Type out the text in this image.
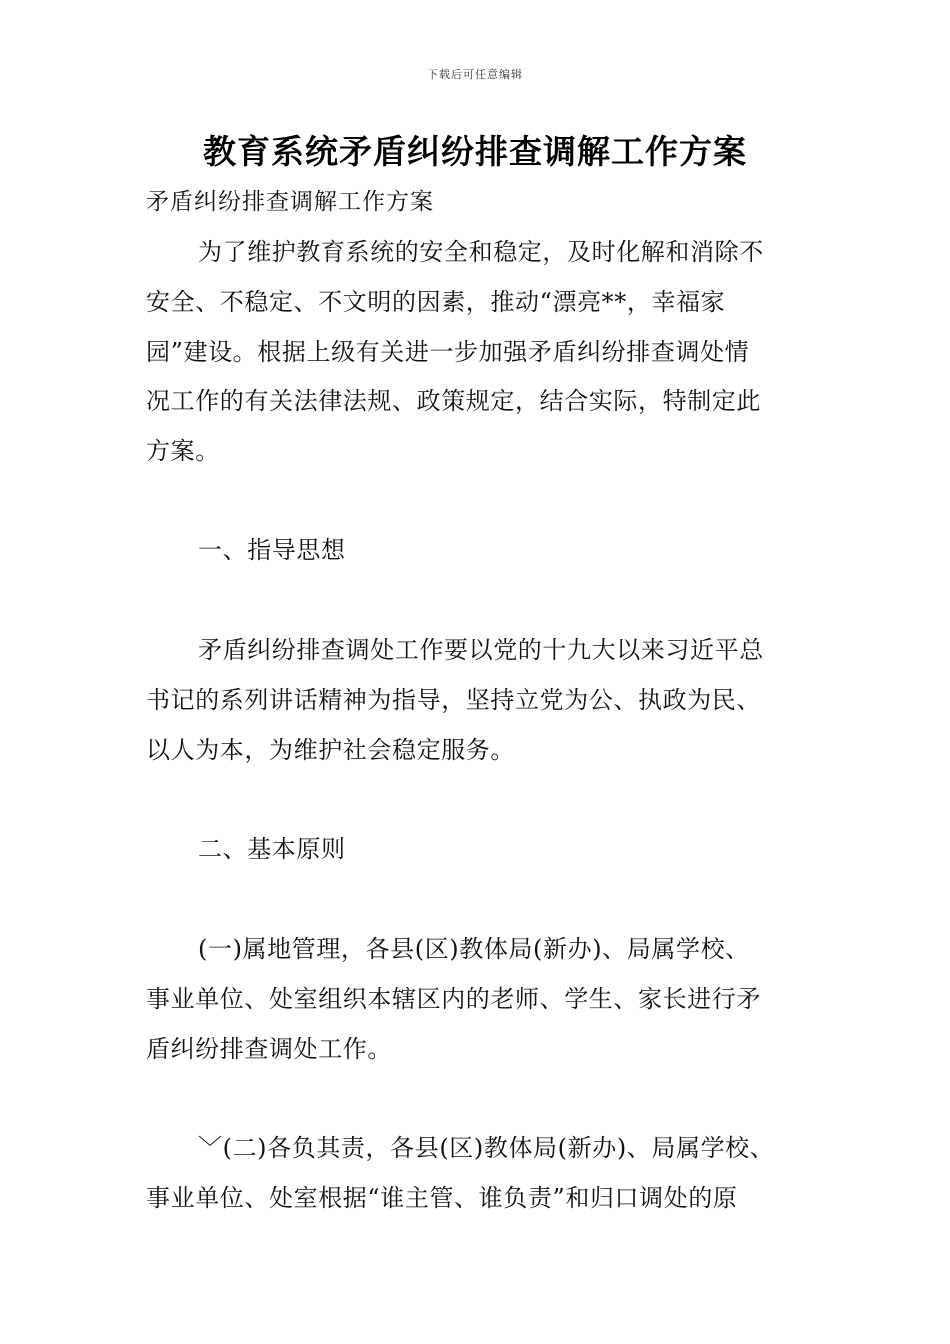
下载后可任意编辑
教育系统矛盾纠纷排查调解工作方案
矛盾纠纷排查调解工作方案
为了维护教育系统的安全和稳定，及时化解和消除不
安全、不稳定、不文明的因素，推动“漂亮**，幸福家
园”建设。根据上级有关进一步加强矛盾纠纷排查调处情
况工作的有关法律法规、政策规定，结合实际，特制定此
方案。
一、指导思想
矛盾纠纷排查调处工作要以党的十九大以来习近平总
书记的系列讲话精神为指导，坚持立党为公、执政为民、
以人为本，为维护社会稳定服务。
二、基本原则
(一)属地管理，各县(区)教体局(新办)、局属学校、
事业单位、处室组织本辖区内的老师、学生、家长进行矛
盾纠纷排查调处工作。
﹀(二)各负其责，各县(区)教体局(新办)、局属学校、
事业单位、处室根据“谁主管、谁负责”和归口调处的原
